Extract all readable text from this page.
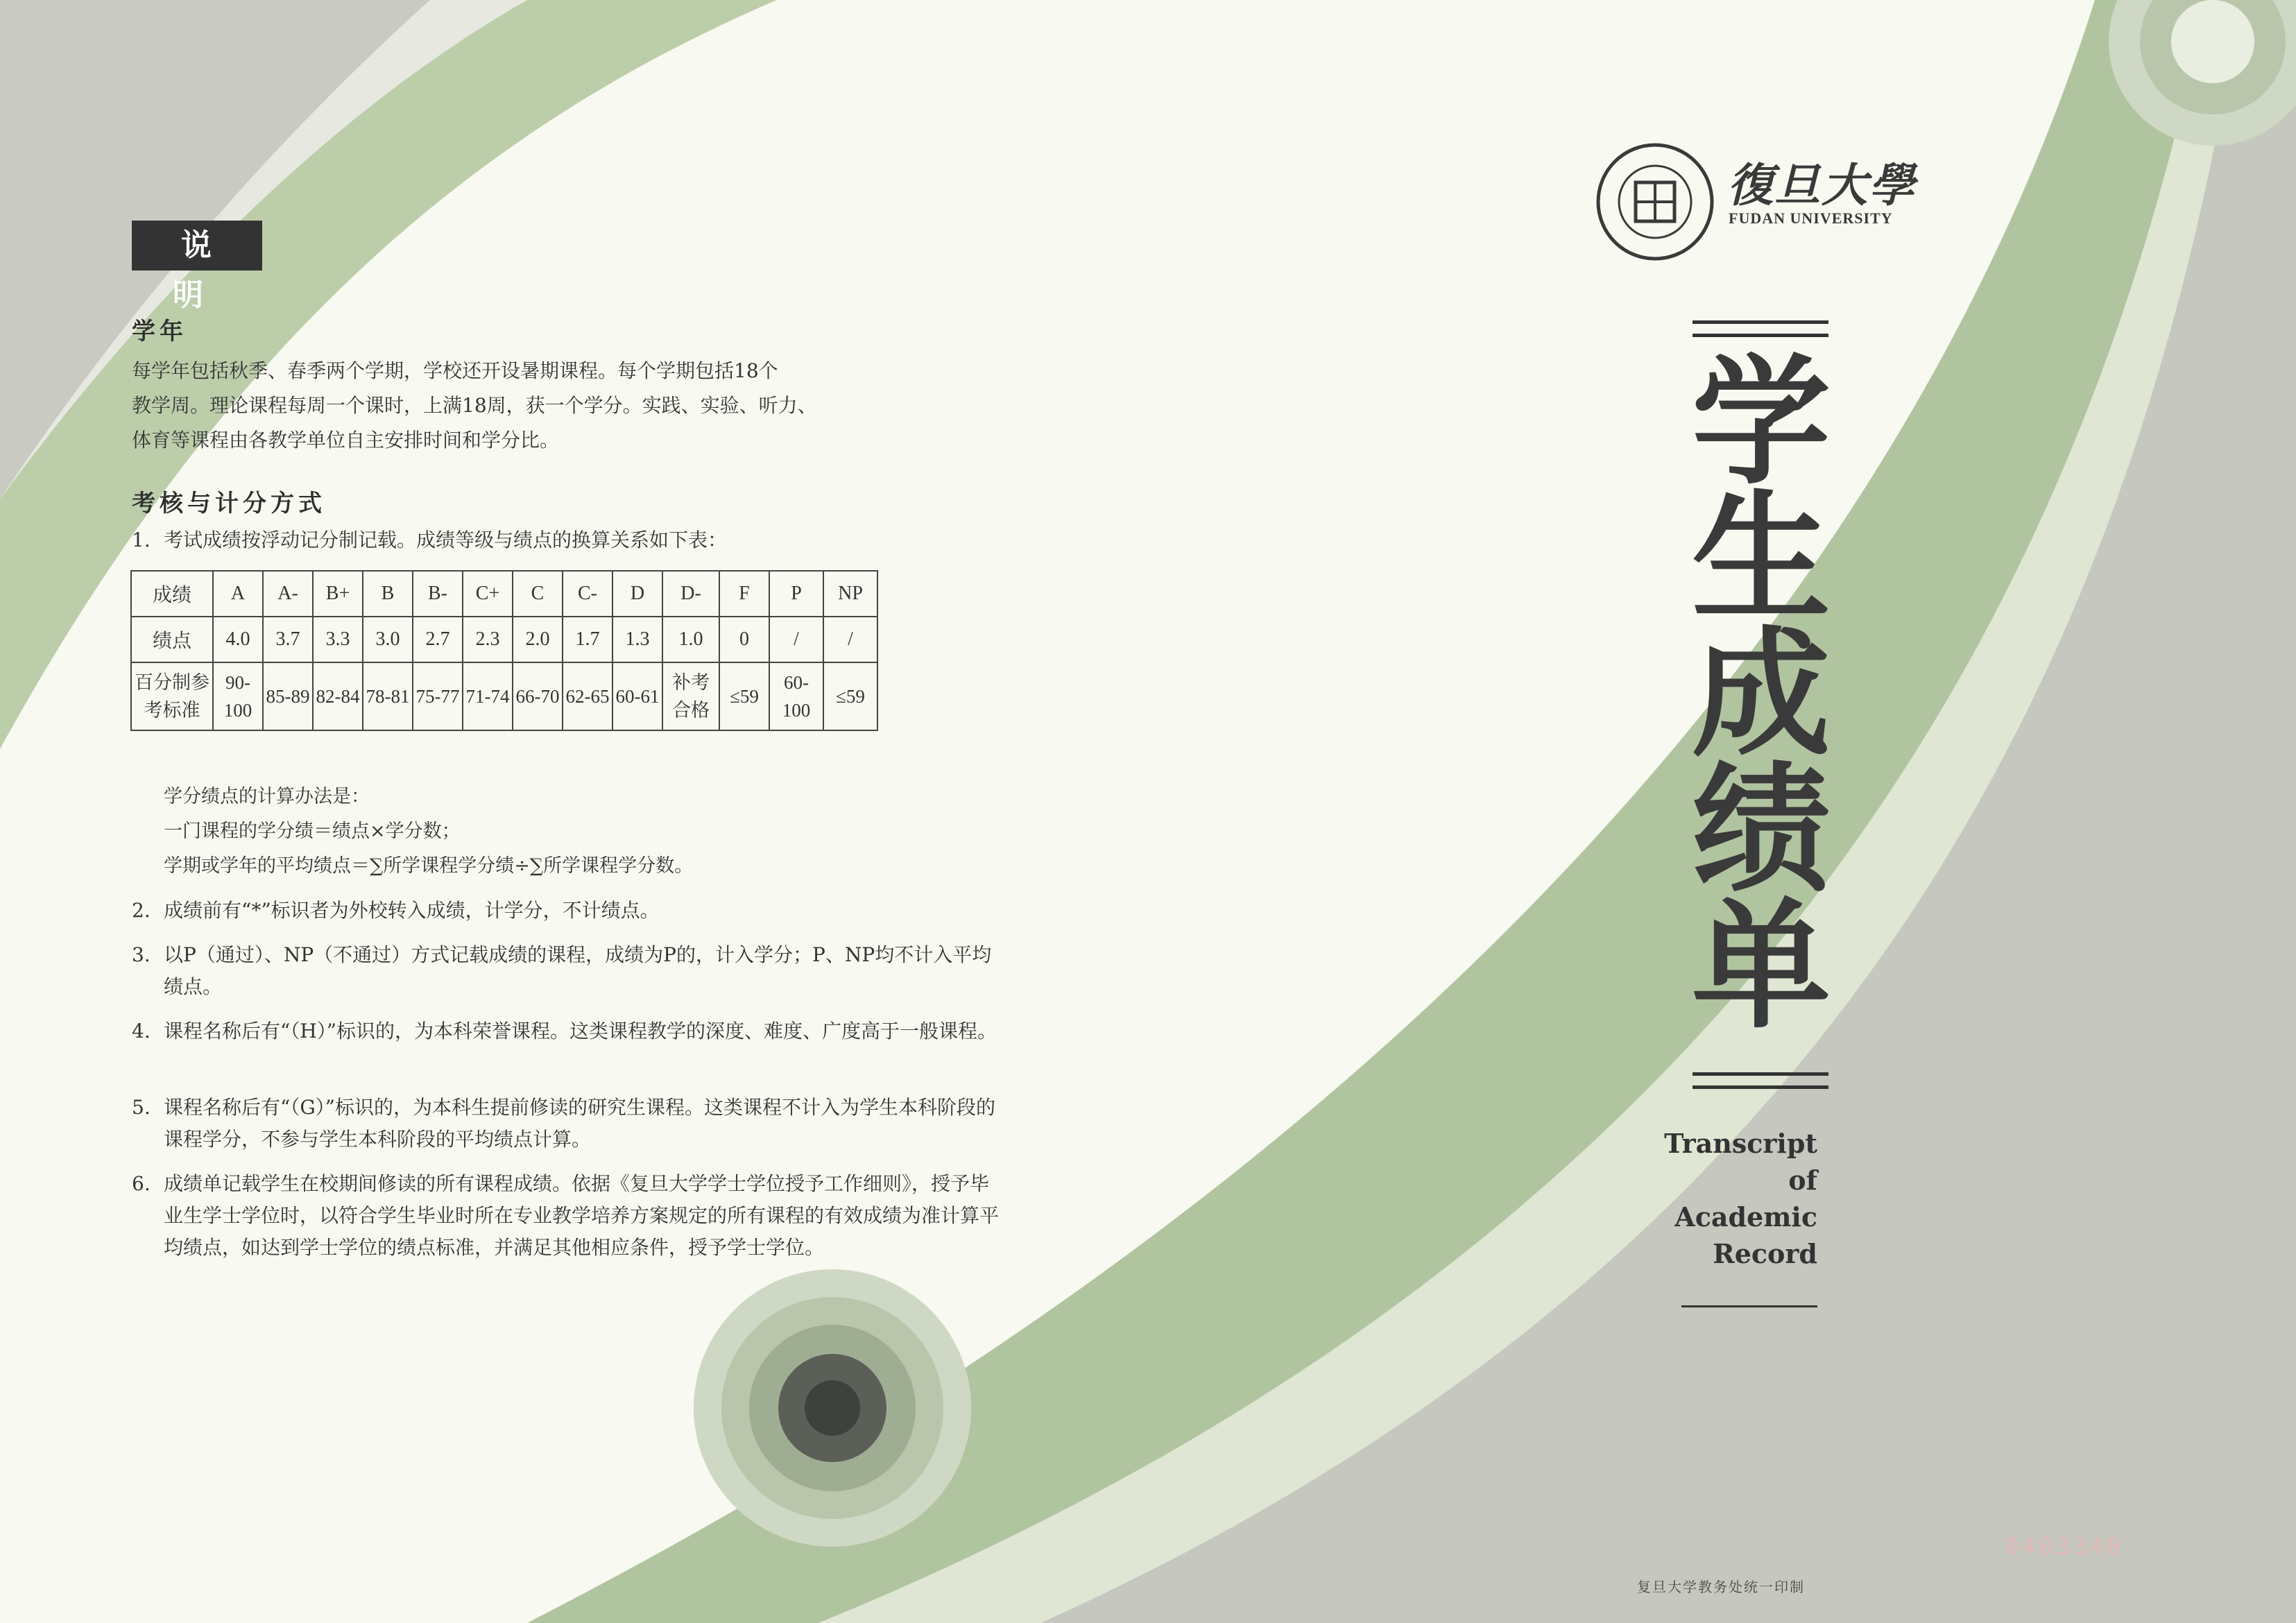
说 明
学年
每学年包括秋季、春季两个学期，学校还开设暑期课程。每个学期包括18个
教学周。理论课程每周一个课时，上满18周，获一个学分。实践、实验、听力、
体育等课程由各教学单位自主安排时间和学分比。
考核与计分方式
1. 考试成绩按浮动记分制记载。成绩等级与绩点的换算关系如下表：
成绩	A	A-	B+	B	B-	C+	C	C-	D	D-	F	P	NP
绩点	4.0	3.7	3.3	3.0	2.7	2.3	2.0	1.7	1.3	1.0	0	/	/
百分制参考标准	90-100	85-89	82-84	78-81	75-77	71-74	66-70	62-65	60-61	补考合格	≤59	60-100	≤59
学分绩点的计算办法是：
一门课程的学分绩＝绩点×学分数；
学期或学年的平均绩点＝∑所学课程学分绩÷∑所学课程学分数。
2. 成绩前有“*”标识者为外校转入成绩，计学分，不计绩点。
3. 以P（通过）、NP（不通过）方式记载成绩的课程，成绩为P的，计入学分；P、NP均不计入平均绩点。
4. 课程名称后有“（H）”标识的，为本科荣誉课程。这类课程教学的深度、难度、广度高于一般课程。
5. 课程名称后有“（G）”标识的，为本科生提前修读的研究生课程。这类课程不计入为学生本科阶段的课程学分，不参与学生本科阶段的平均绩点计算。
6. 成绩单记载学生在校期间修读的所有课程成绩。依据《复旦大学学士学位授予工作细则》，授予毕业生学士学位时，以符合学生毕业时所在专业教学培养方案规定的所有课程的有效成绩为准计算平均绩点，如达到学士学位的绩点标准，并满足其他相应条件，授予学士学位。
復旦大學
FUDAN UNIVERSITY
学
生
成
绩
单
Transcript
of
Academic
Record
0403340
复旦大学教务处统一印制
